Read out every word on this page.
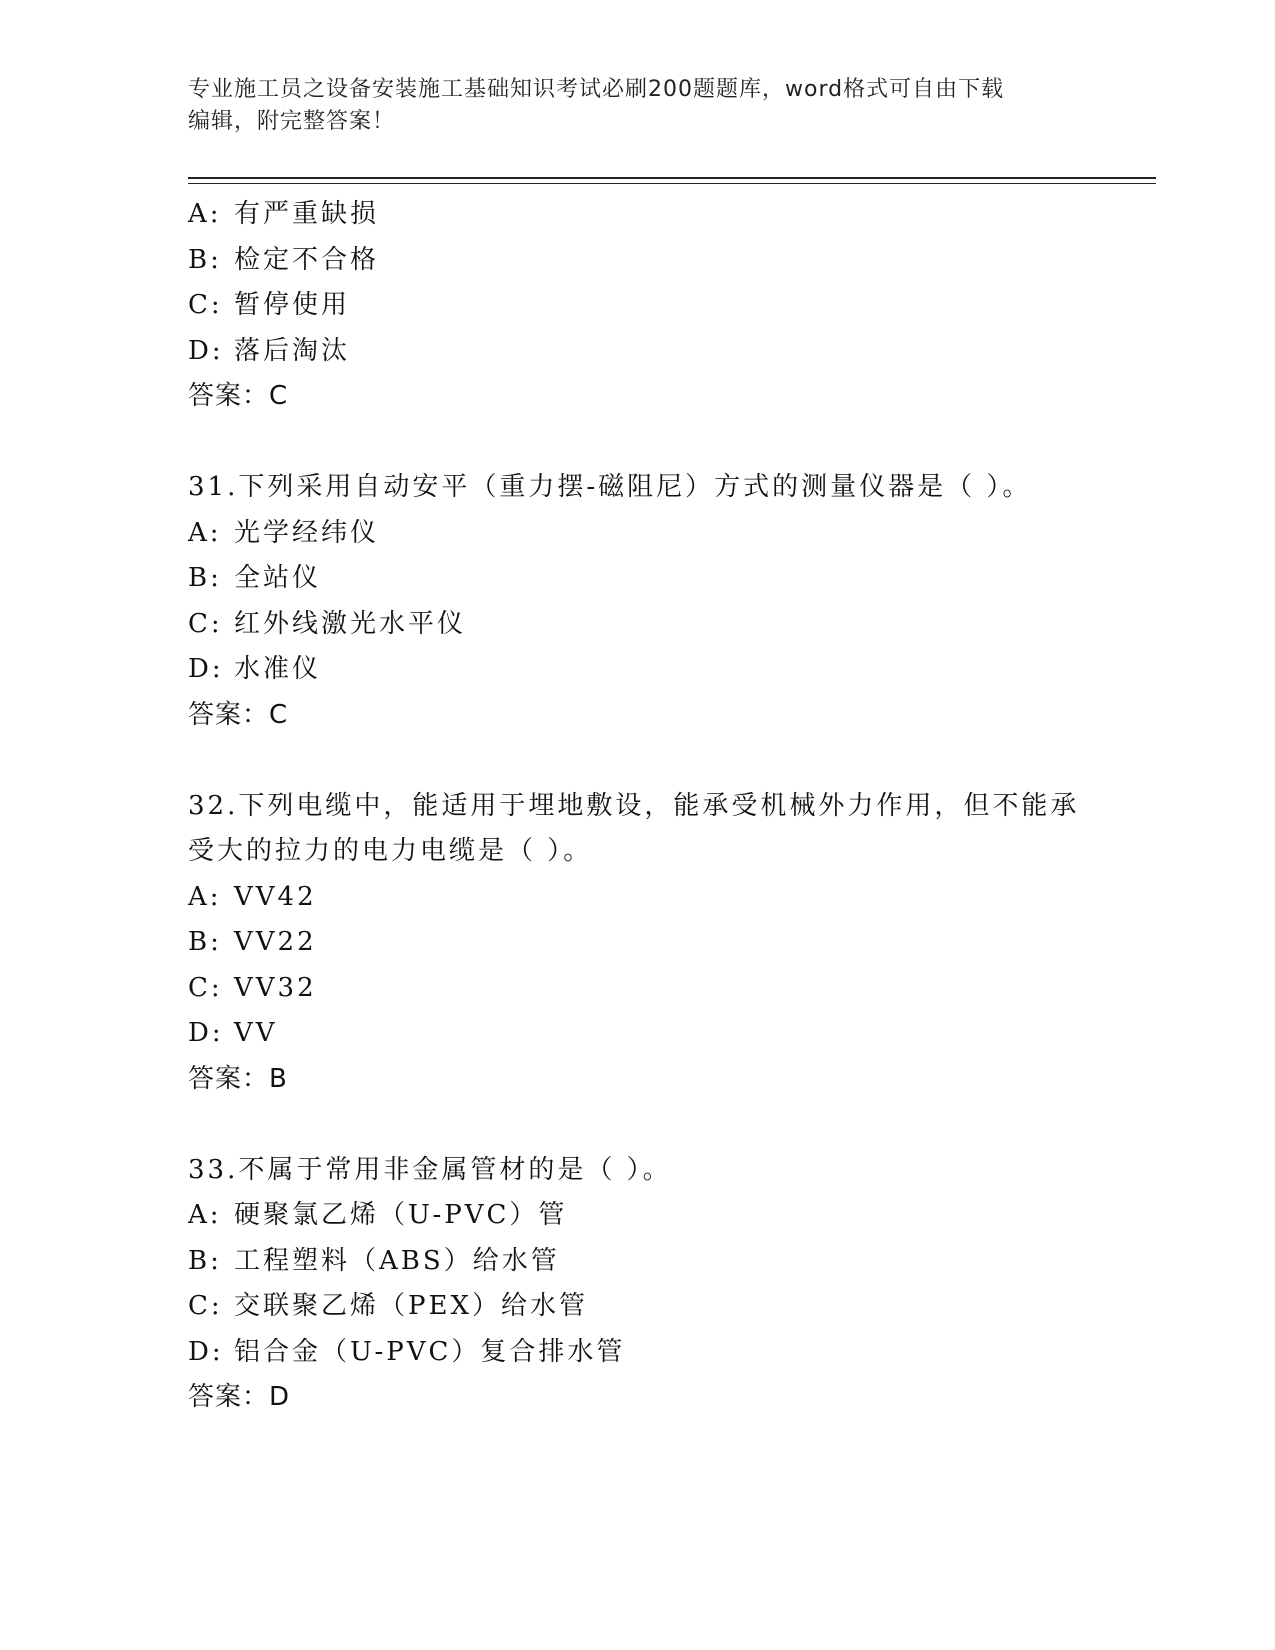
专业施工员之设备安装施工基础知识考试必刷200题题库，word格式可自由下载
编辑，附完整答案！
A: 有严重缺损
B: 检定不合格
C: 暂停使用
D: 落后淘汰
答案：C
31.下列采用自动安平（重力摆-磁阻尼）方式的测量仪器是（ ）。
A: 光学经纬仪
B: 全站仪
C: 红外线激光水平仪
D: 水准仪
答案：C
32.下列电缆中，能适用于埋地敷设，能承受机械外力作用，但不能承
受大的拉力的电力电缆是（ ）。
A: VV42
B: VV22
C: VV32
D: VV
答案：B
33.不属于常用非金属管材的是（ ）。
A: 硬聚氯乙烯（U-PVC）管
B: 工程塑料（ABS）给水管
C: 交联聚乙烯（PEX）给水管
D: 铝合金（U-PVC）复合排水管
答案：D
